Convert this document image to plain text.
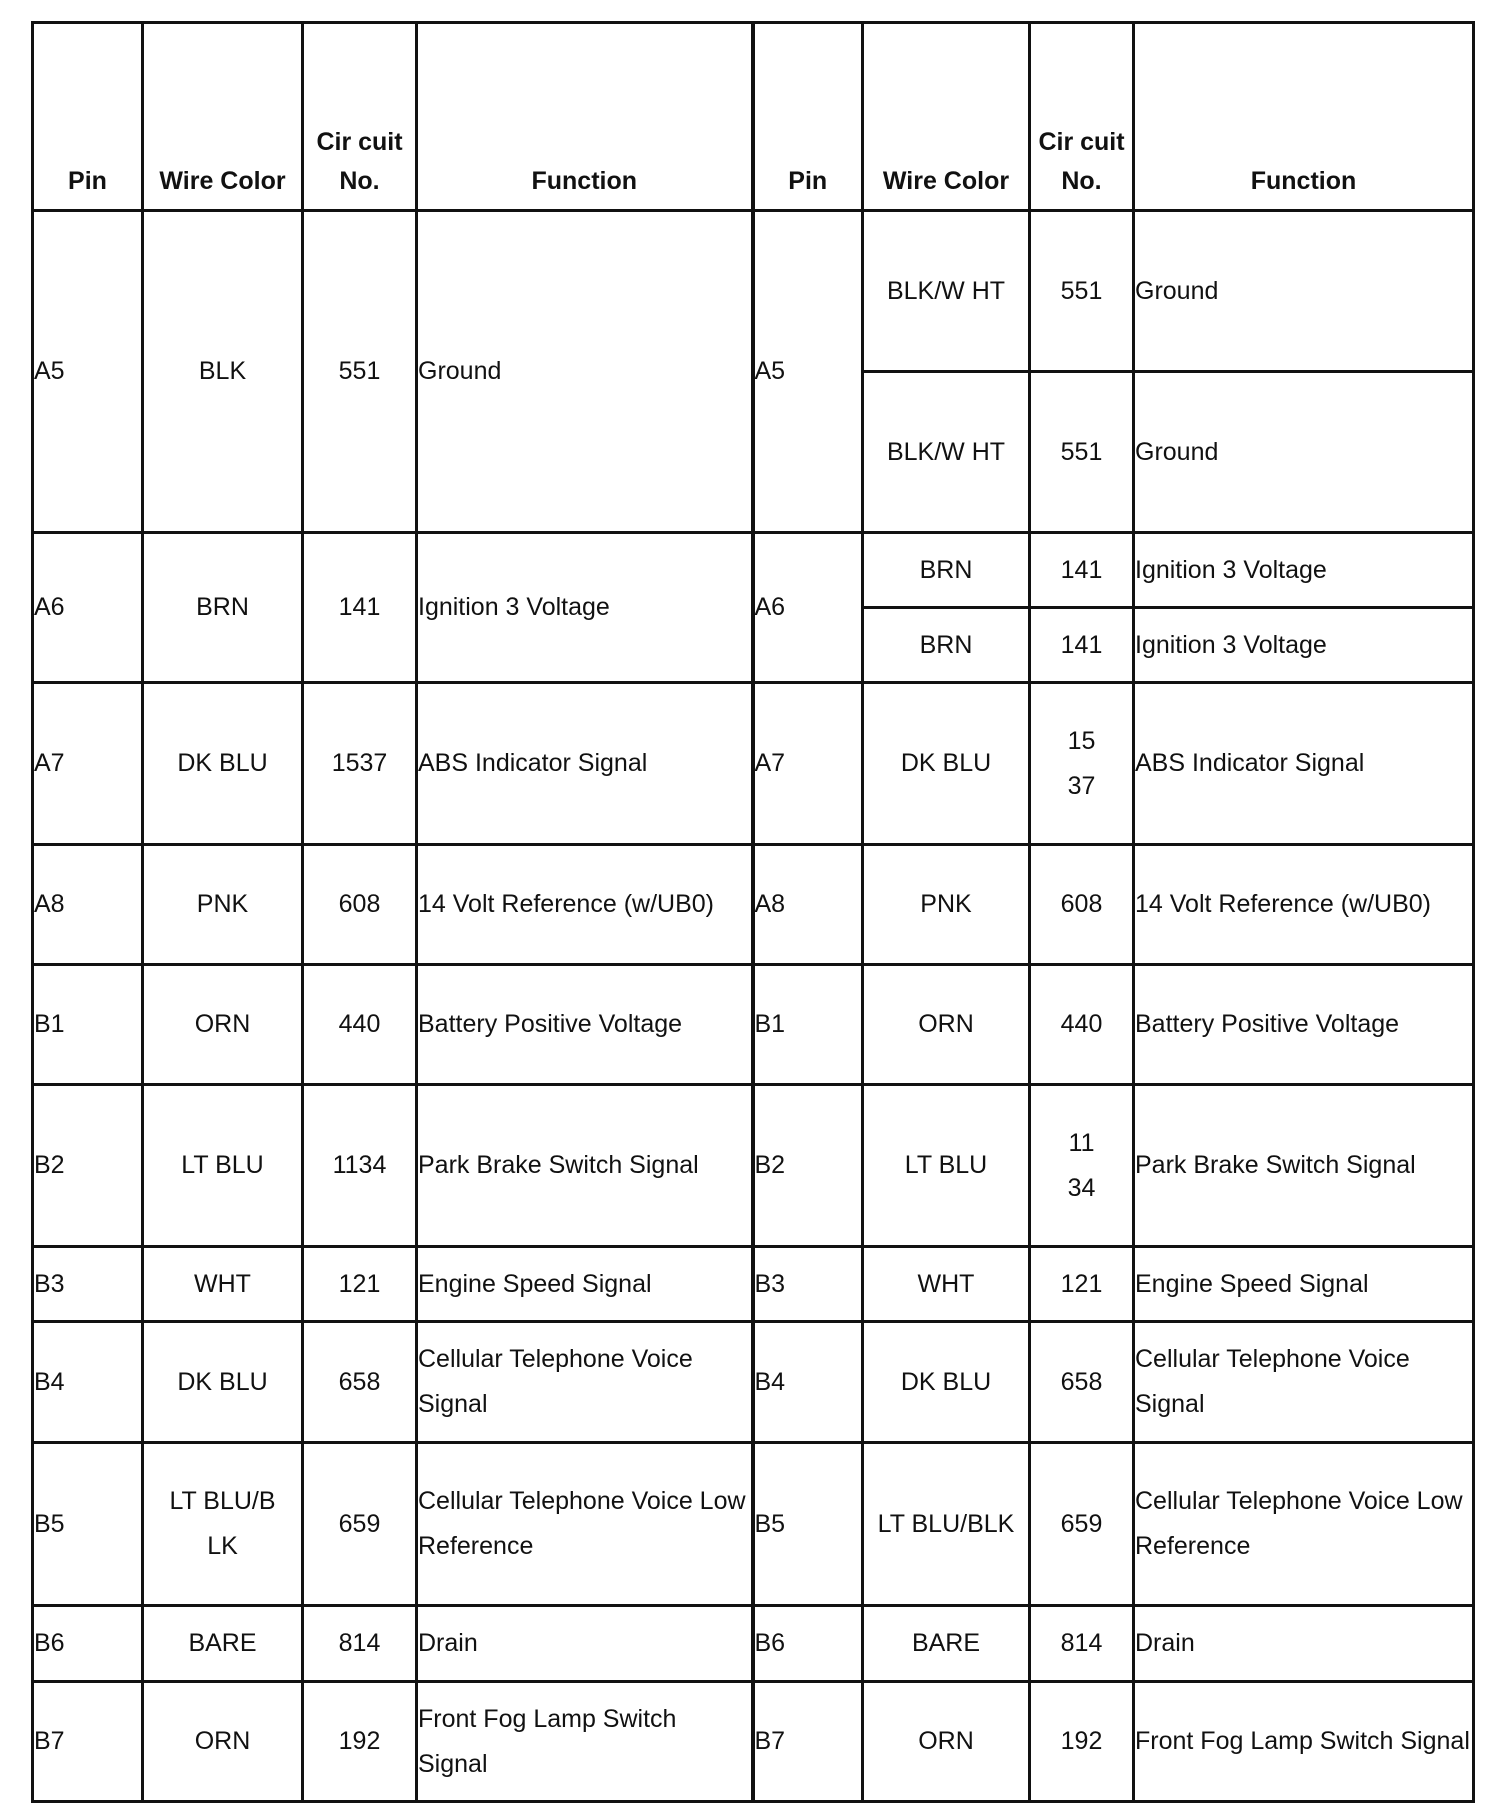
Pin	Wire Color	Cir cuit No.	Function	Pin	Wire Color	Cir cuit No.	Function
A5	BLK	551	Ground	A5	BLK/W HT	551	Ground
					BLK/W HT	551	Ground
A6	BRN	141	Ignition 3 Voltage	A6	BRN	141	Ignition 3 Voltage
					BRN	141	Ignition 3 Voltage
A7	DK BLU	1537	ABS Indicator Signal	A7	DK BLU	15 37	ABS Indicator Signal
A8	PNK	608	14 Volt Reference (w/UB0)	A8	PNK	608	14 Volt Reference (w/UB0)
B1	ORN	440	Battery Positive Voltage	B1	ORN	440	Battery Positive Voltage
B2	LT BLU	1134	Park Brake Switch Signal	B2	LT BLU	11 34	Park Brake Switch Signal
B3	WHT	121	Engine Speed Signal	B3	WHT	121	Engine Speed Signal
B4	DK BLU	658	Cellular Telephone Voice Signal	B4	DK BLU	658	Cellular Telephone Voice Signal
B5	LT BLU/B LK	659	Cellular Telephone Voice Low Reference	B5	LT BLU/BLK	659	Cellular Telephone Voice Low Reference
B6	BARE	814	Drain	B6	BARE	814	Drain
B7	ORN	192	Front Fog Lamp Switch Signal	B7	ORN	192	Front Fog Lamp Switch Signal
